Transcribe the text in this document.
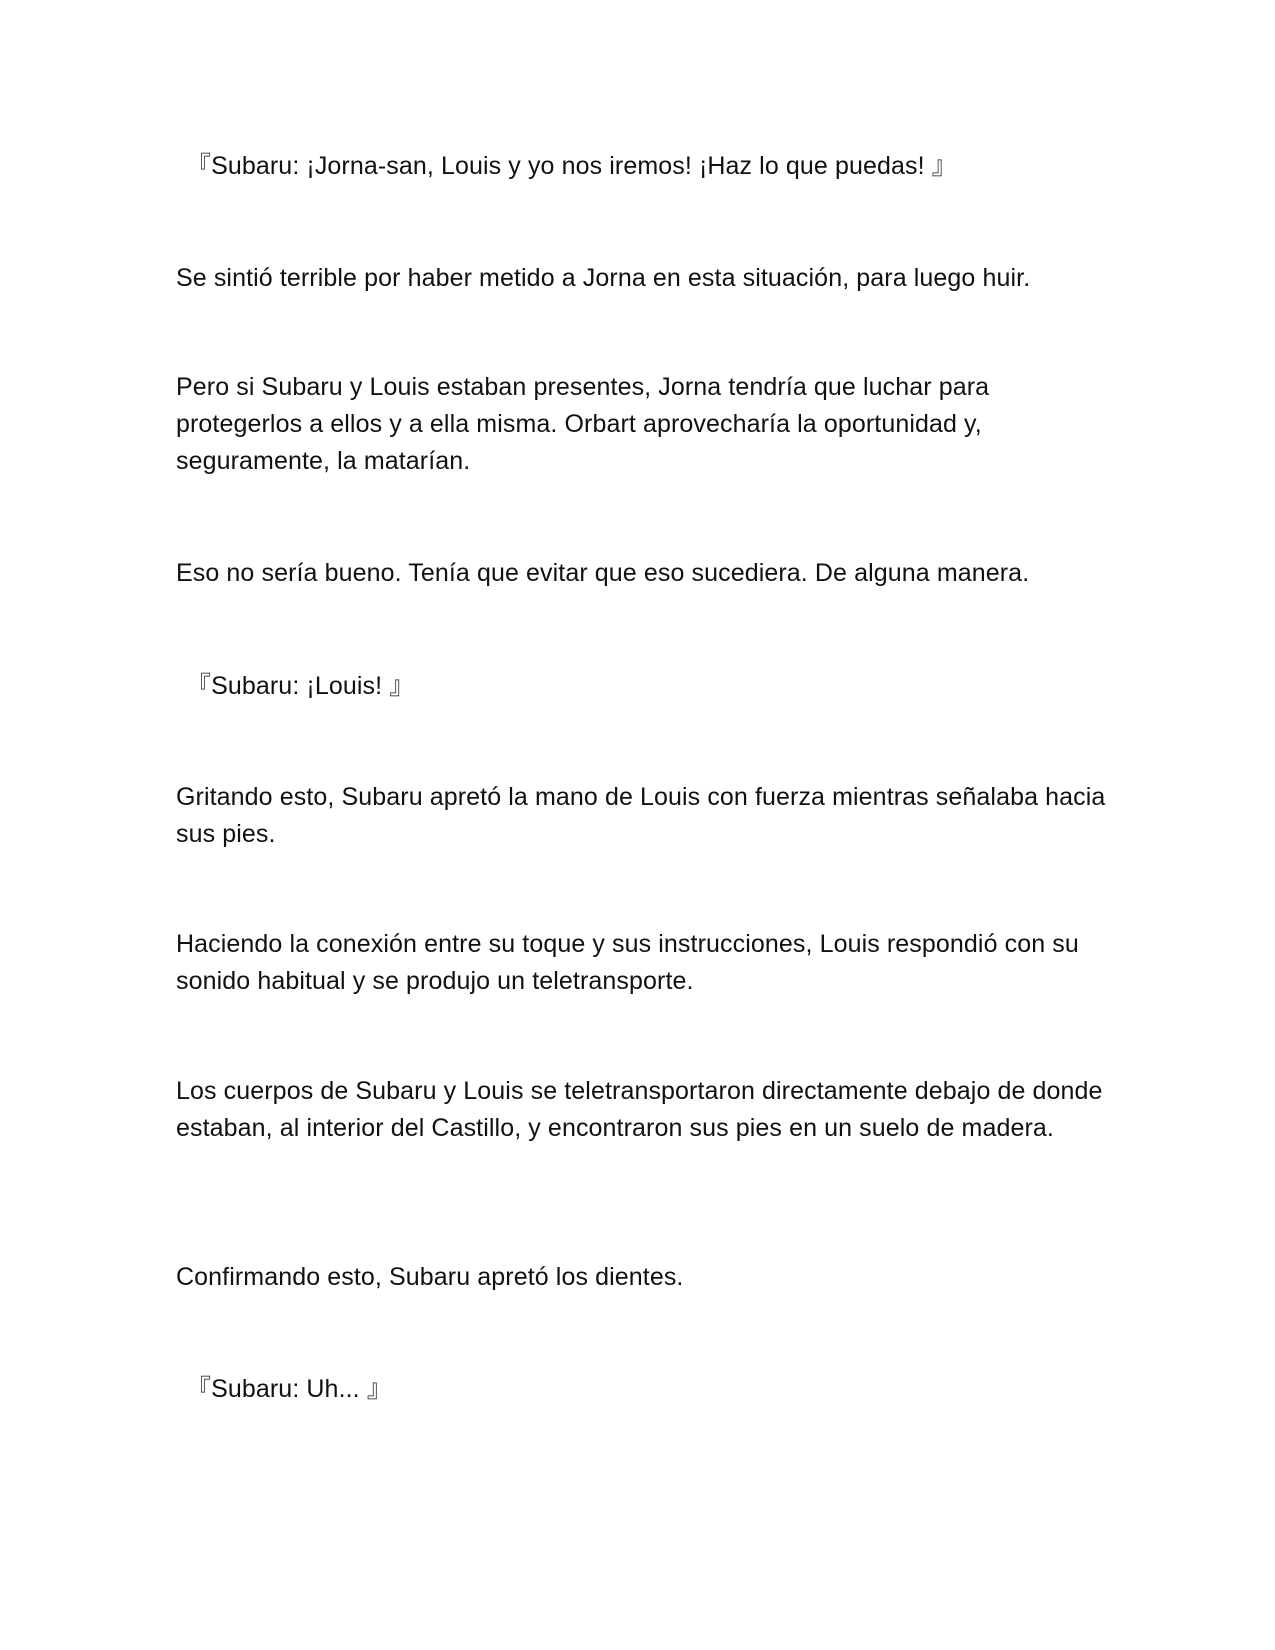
『Subaru: ¡Jorna-san, Louis y yo nos iremos! ¡Haz lo que puedas! 』

Se sintió terrible por haber metido a Jorna en esta situación, para luego huir.

Pero si Subaru y Louis estaban presentes, Jorna tendría que luchar para protegerlos a ellos y a ella misma. Orbart aprovecharía la oportunidad y, seguramente, la matarían.

Eso no sería bueno. Tenía que evitar que eso sucediera. De alguna manera.

『Subaru: ¡Louis! 』

Gritando esto, Subaru apretó la mano de Louis con fuerza mientras señalaba hacia sus pies.

Haciendo la conexión entre su toque y sus instrucciones, Louis respondió con su sonido habitual y se produjo un teletransporte.

Los cuerpos de Subaru y Louis se teletransportaron directamente debajo de donde estaban, al interior del Castillo, y encontraron sus pies en un suelo de madera.

Confirmando esto, Subaru apretó los dientes.

『Subaru: Uh... 』
